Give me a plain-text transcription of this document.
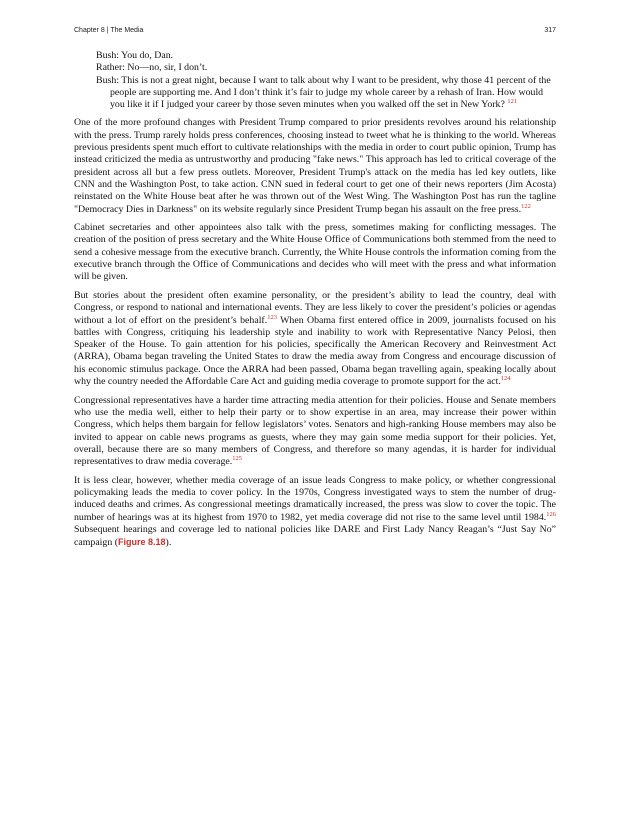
Chapter 8 | The Media	317

Bush: You do, Dan.

Rather: No—no, sir, I don’t.

Bush: This is not a great night, because I want to talk about why I want to be president, why those 41 percent of the people are supporting me. And I don’t think it’s fair to judge my whole career by a rehash of Iran. How would you like it if I judged your career by those seven minutes when you walked off the set in New York? $^{121}$

One of the more profound changes with President Trump compared to prior presidents revolves around his relationship with the press. Trump rarely holds press conferences, choosing instead to tweet what he is thinking to the world. Whereas previous presidents spent much effort to cultivate relationships with the media in order to court public opinion, Trump has instead criticized the media as untrustworthy and producing "fake news." This approach has led to critical coverage of the president across all but a few press outlets. Moreover, President Trump's attack on the media has led key outlets, like CNN and the Washington Post, to take action. CNN sued in federal court to get one of their news reporters (Jim Acosta) reinstated on the White House beat after he was thrown out of the West Wing. The Washington Post has run the tagline "Democracy Dies in Darkness" on its website regularly since President Trump began his assault on the free press.$^{122}$

Cabinet secretaries and other appointees also talk with the press, sometimes making for conflicting messages. The creation of the position of press secretary and the White House Office of Communications both stemmed from the need to send a cohesive message from the executive branch. Currently, the White House controls the information coming from the executive branch through the Office of Communications and decides who will meet with the press and what information will be given.

But stories about the president often examine personality, or the president’s ability to lead the country, deal with Congress, or respond to national and international events. They are less likely to cover the president’s policies or agendas without a lot of effort on the president’s behalf.$^{123}$ When Obama first entered office in 2009, journalists focused on his battles with Congress, critiquing his leadership style and inability to work with Representative Nancy Pelosi, then Speaker of the House. To gain attention for his policies, specifically the American Recovery and Reinvestment Act (ARRA), Obama began traveling the United States to draw the media away from Congress and encourage discussion of his economic stimulus package. Once the ARRA had been passed, Obama began travelling again, speaking locally about why the country needed the Affordable Care Act and guiding media coverage to promote support for the act.$^{124}$

Congressional representatives have a harder time attracting media attention for their policies. House and Senate members who use the media well, either to help their party or to show expertise in an area, may increase their power within Congress, which helps them bargain for fellow legislators’ votes. Senators and high-ranking House members may also be invited to appear on cable news programs as guests, where they may gain some media support for their policies. Yet, overall, because there are so many members of Congress, and therefore so many agendas, it is harder for individual representatives to draw media coverage.$^{125}$

It is less clear, however, whether media coverage of an issue leads Congress to make policy, or whether congressional policymaking leads the media to cover policy. In the 1970s, Congress investigated ways to stem the number of drug-induced deaths and crimes. As congressional meetings dramatically increased, the press was slow to cover the topic. The number of hearings was at its highest from 1970 to 1982, yet media coverage did not rise to the same level until 1984.$^{126}$ Subsequent hearings and coverage led to national policies like DARE and First Lady Nancy Reagan’s “Just Say No” campaign (Figure 8.18).
